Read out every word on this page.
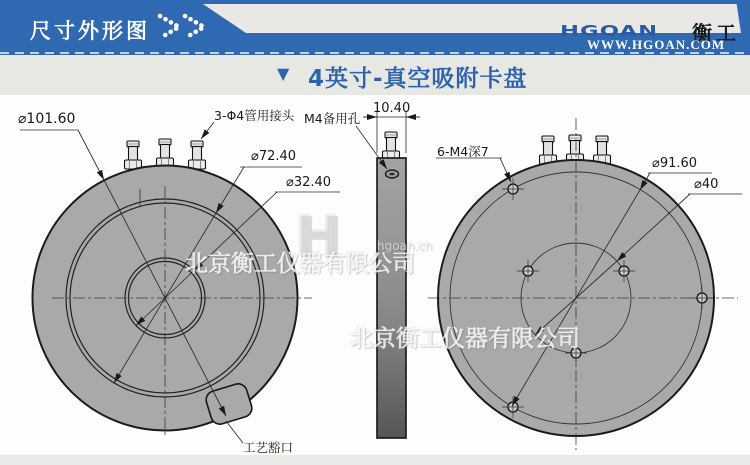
尺寸外形图	HGOAN 衡工
WWW.HGOAN.COM
▼ 4英寸-真空吸附卡盘
H	hgoan.cn
北京衡工仪器有限公司
北京衡工仪器有限公司
⌀101.60
⌀72.40
⌀32.40
3-Φ4管用接头 M4备用孔
10.40
6-M4深7
⌀91.60
⌀40
工艺豁口
